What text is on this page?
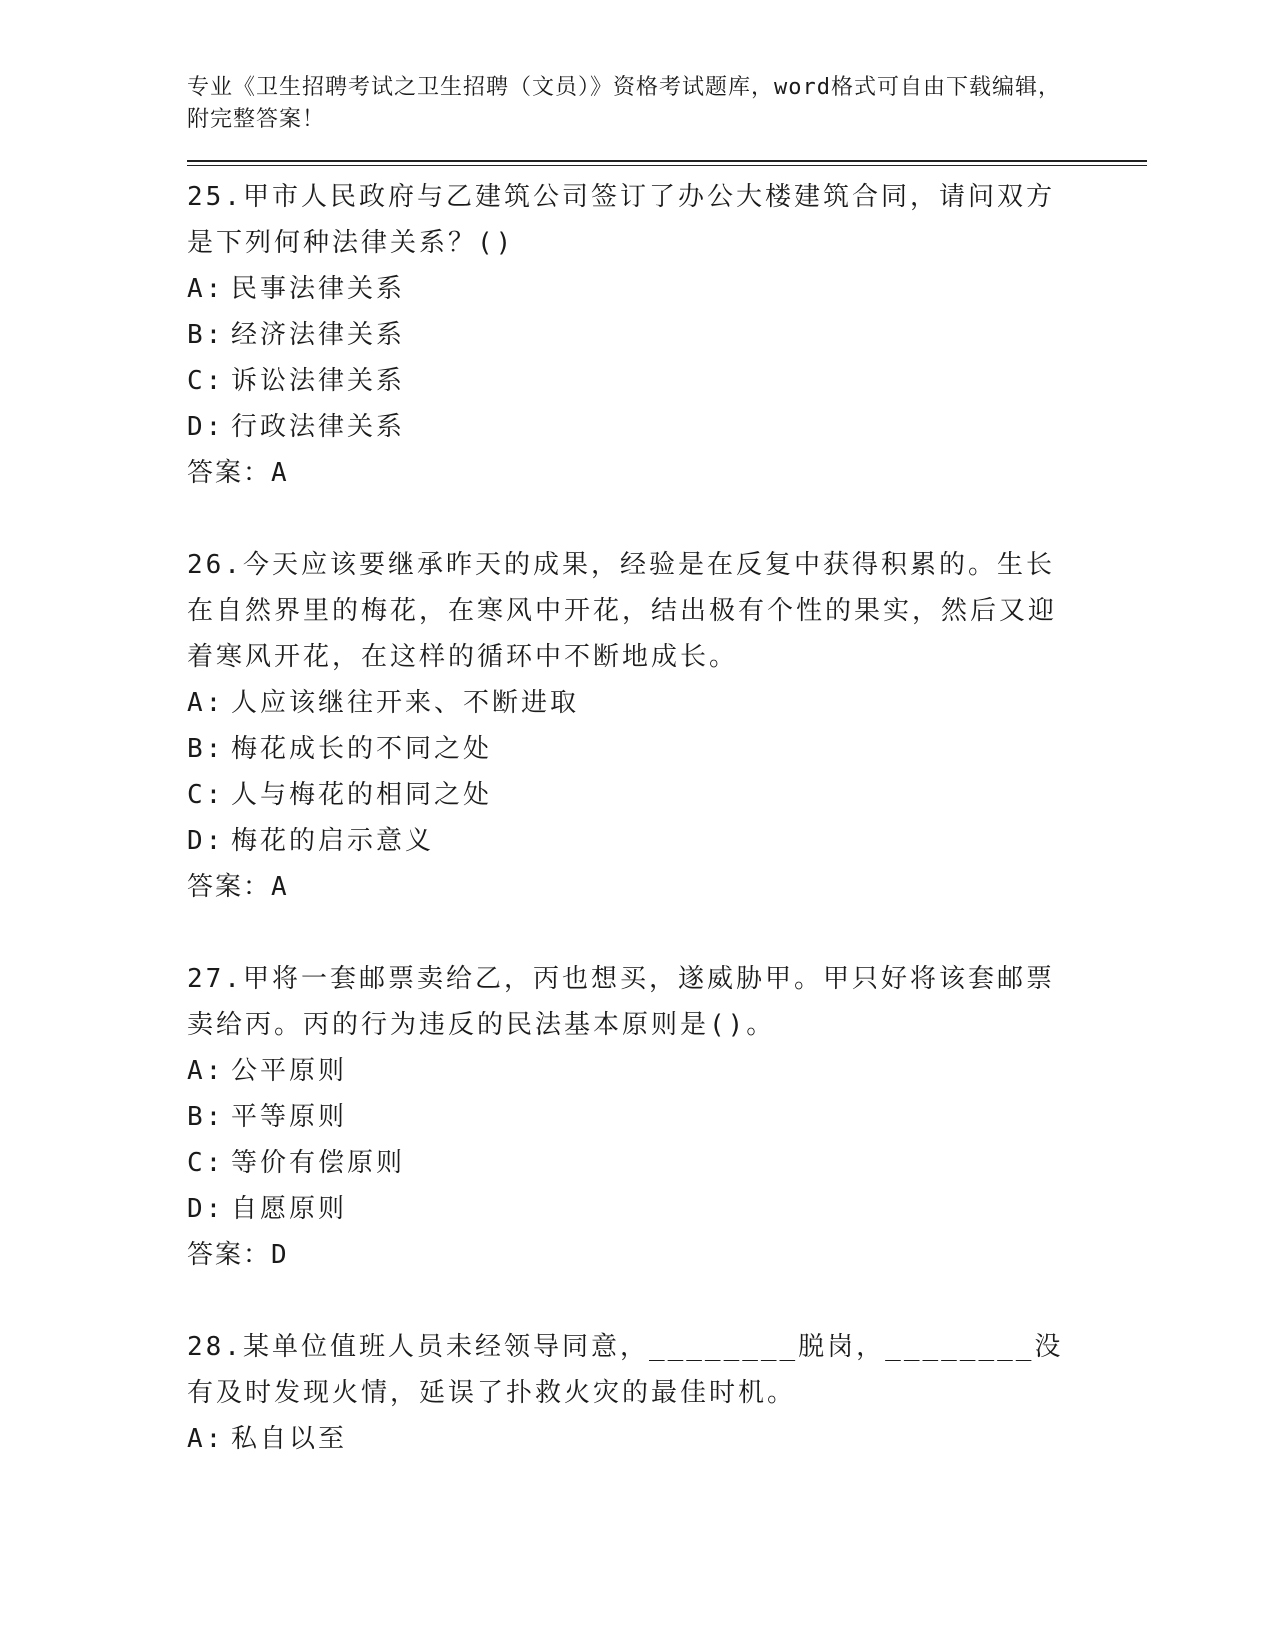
专业《卫生招聘考试之卫生招聘（文员）》资格考试题库，word格式可自由下载编辑，附完整答案！
25.甲市人民政府与乙建筑公司签订了办公大楼建筑合同，请问双方是下列何种法律关系？()
A: 民事法律关系
B: 经济法律关系
C: 诉讼法律关系
D: 行政法律关系
答案：A
26.今天应该要继承昨天的成果，经验是在反复中获得积累的。生长在自然界里的梅花，在寒风中开花，结出极有个性的果实，然后又迎着寒风开花，在这样的循环中不断地成长。
A: 人应该继往开来、不断进取
B: 梅花成长的不同之处
C: 人与梅花的相同之处
D: 梅花的启示意义
答案：A
27.甲将一套邮票卖给乙，丙也想买，遂威胁甲。甲只好将该套邮票卖给丙。丙的行为违反的民法基本原则是()。
A: 公平原则
B: 平等原则
C: 等价有偿原则
D: 自愿原则
答案：D
28.某单位值班人员未经领导同意，________脱岗，________没有及时发现火情，延误了扑救火灾的最佳时机。
A: 私自以至
